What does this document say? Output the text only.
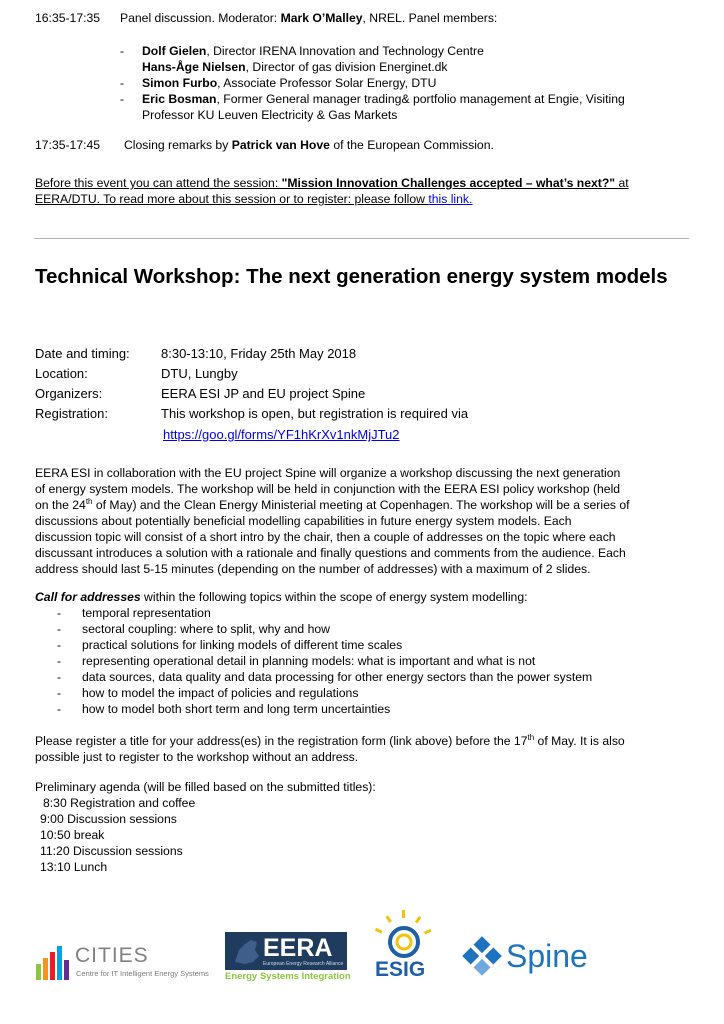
16:35-17:35 Panel discussion. Moderator: Mark O’Malley, NREL. Panel members:
- Dolf Gielen, Director IRENA Innovation and Technology Centre
Hans-Åge Nielsen, Director of gas division Energinet.dk
- Simon Furbo, Associate Professor Solar Energy, DTU
- Eric Bosman, Former General manager trading& portfolio management at Engie, Visiting
Professor KU Leuven Electricity & Gas Markets
17:35-17:45 Closing remarks by Patrick van Hove of the European Commission.
Before this event you can attend the session: "Mission Innovation Challenges accepted – what’s next?" at
EERA/DTU. To read more about this session or to register: please follow this link.
Technical Workshop: The next generation energy system models
Date and timing: 8:30-13:10, Friday 25th May 2018
Location:	DTU, Lungby
Organizers:	EERA ESI JP and EU project Spine
Registration:	This workshop is open, but registration is required via
https://goo.gl/forms/YF1hKrXv1nkMjJTu2
EERA ESI in collaboration with the EU project Spine will organize a workshop discussing the next generation
of energy system models. The workshop will be held in conjunction with the EERA ESI policy workshop (held
on the 24th of May) and the Clean Energy Ministerial meeting at Copenhagen. The workshop will be a series of
discussions about potentially beneficial modelling capabilities in future energy system models. Each
discussion topic will consist of a short intro by the chair, then a couple of addresses on the topic where each
discussant introduces a solution with a rationale and finally questions and comments from the audience. Each
address should last 5-15 minutes (depending on the number of addresses) with a maximum of 2 slides.
Call for addresses within the following topics within the scope of energy system modelling:
- temporal representation
- sectoral coupling: where to split, why and how
- practical solutions for linking models of different time scales
- representing operational detail in planning models: what is important and what is not
- data sources, data quality and data processing for other energy sectors than the power system
- how to model the impact of policies and regulations
- how to model both short term and long term uncertainties
Please register a title for your address(es) in the registration form (link above) before the 17th of May. It is also
possible just to register to the workshop without an address.
Preliminary agenda (will be filled based on the submitted titles):
8:30 Registration and coffee
9:00 Discussion sessions
10:50 break
11:20 Discussion sessions
13:10 Lunch
CITIES
Centre for IT Intelligent Energy Systems
EERA
European Energy Research Alliance
Energy Systems Integration ESIG	Spine
